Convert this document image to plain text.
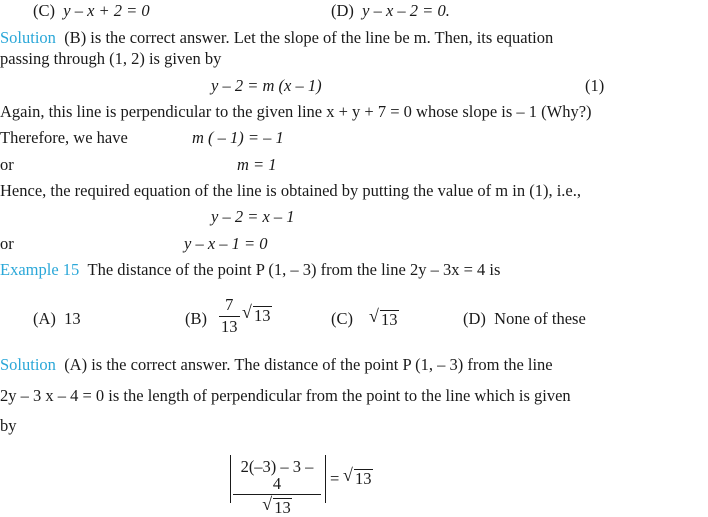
(C) y – x + 2 = 0	(D) y – x – 2 = 0.
Solution (B) is the correct answer. Let the slope of the line be m. Then, its equation
passing through (1, 2) is given by
y – 2 = m (x – 1)	(1)
Again, this line is perpendicular to the given line x + y + 7 = 0 whose slope is – 1 (Why?)
Therefore, we have	m ( – 1) = – 1
or	m = 1
Hence, the required equation of the line is obtained by putting the value of m in (1), i.e.,
y – 2 = x – 1
or	y – x – 1 = 0
Example 15 The distance of the point P (1, – 3) from the line 2y – 3x = 4 is
(A) 13	$(B) \frac{7}{13}$ √ 13	(C) √ 13	(D) None of these
Solution (A) is the correct answer. The distance of the point P (1, – 3) from the line
2y – 3 x – 4 = 0 is the length of perpendicular from the point to the line which is given
by
$\frac{2(-3) - 3 - 4}{√ 13}$ = √ 13
